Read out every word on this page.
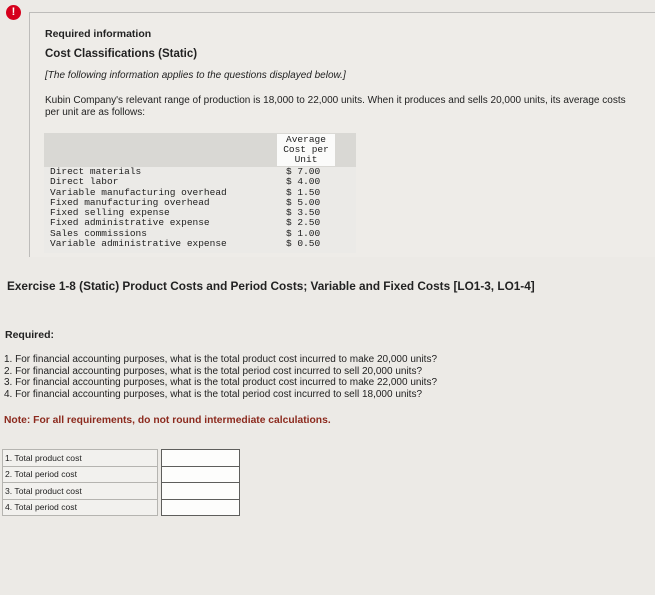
!
Required information
Cost Classifications (Static)
[The following information applies to the questions displayed below.]
Kubin Company's relevant range of production is 18,000 to 22,000 units. When it produces and sells 20,000 units, its average costs per unit are as follows:
Average
Cost per
Unit
Direct materials	$ 7.00
Direct labor	$ 4.00
Variable manufacturing overhead	$ 1.50
Fixed manufacturing overhead	$ 5.00
Fixed selling expense	$ 3.50
Fixed administrative expense	$ 2.50
Sales commissions	$ 1.00
Variable administrative expense	$ 0.50
Exercise 1-8 (Static) Product Costs and Period Costs; Variable and Fixed Costs [LO1-3, LO1-4]
Required:
1. For financial accounting purposes, what is the total product cost incurred to make 20,000 units?
2. For financial accounting purposes, what is the total period cost incurred to sell 20,000 units?
3. For financial accounting purposes, what is the total product cost incurred to make 22,000 units?
4. For financial accounting purposes, what is the total period cost incurred to sell 18,000 units?
Note: For all requirements, do not round intermediate calculations.
1. Total product cost		
2. Total period cost		
3. Total product cost		
4. Total period cost		
